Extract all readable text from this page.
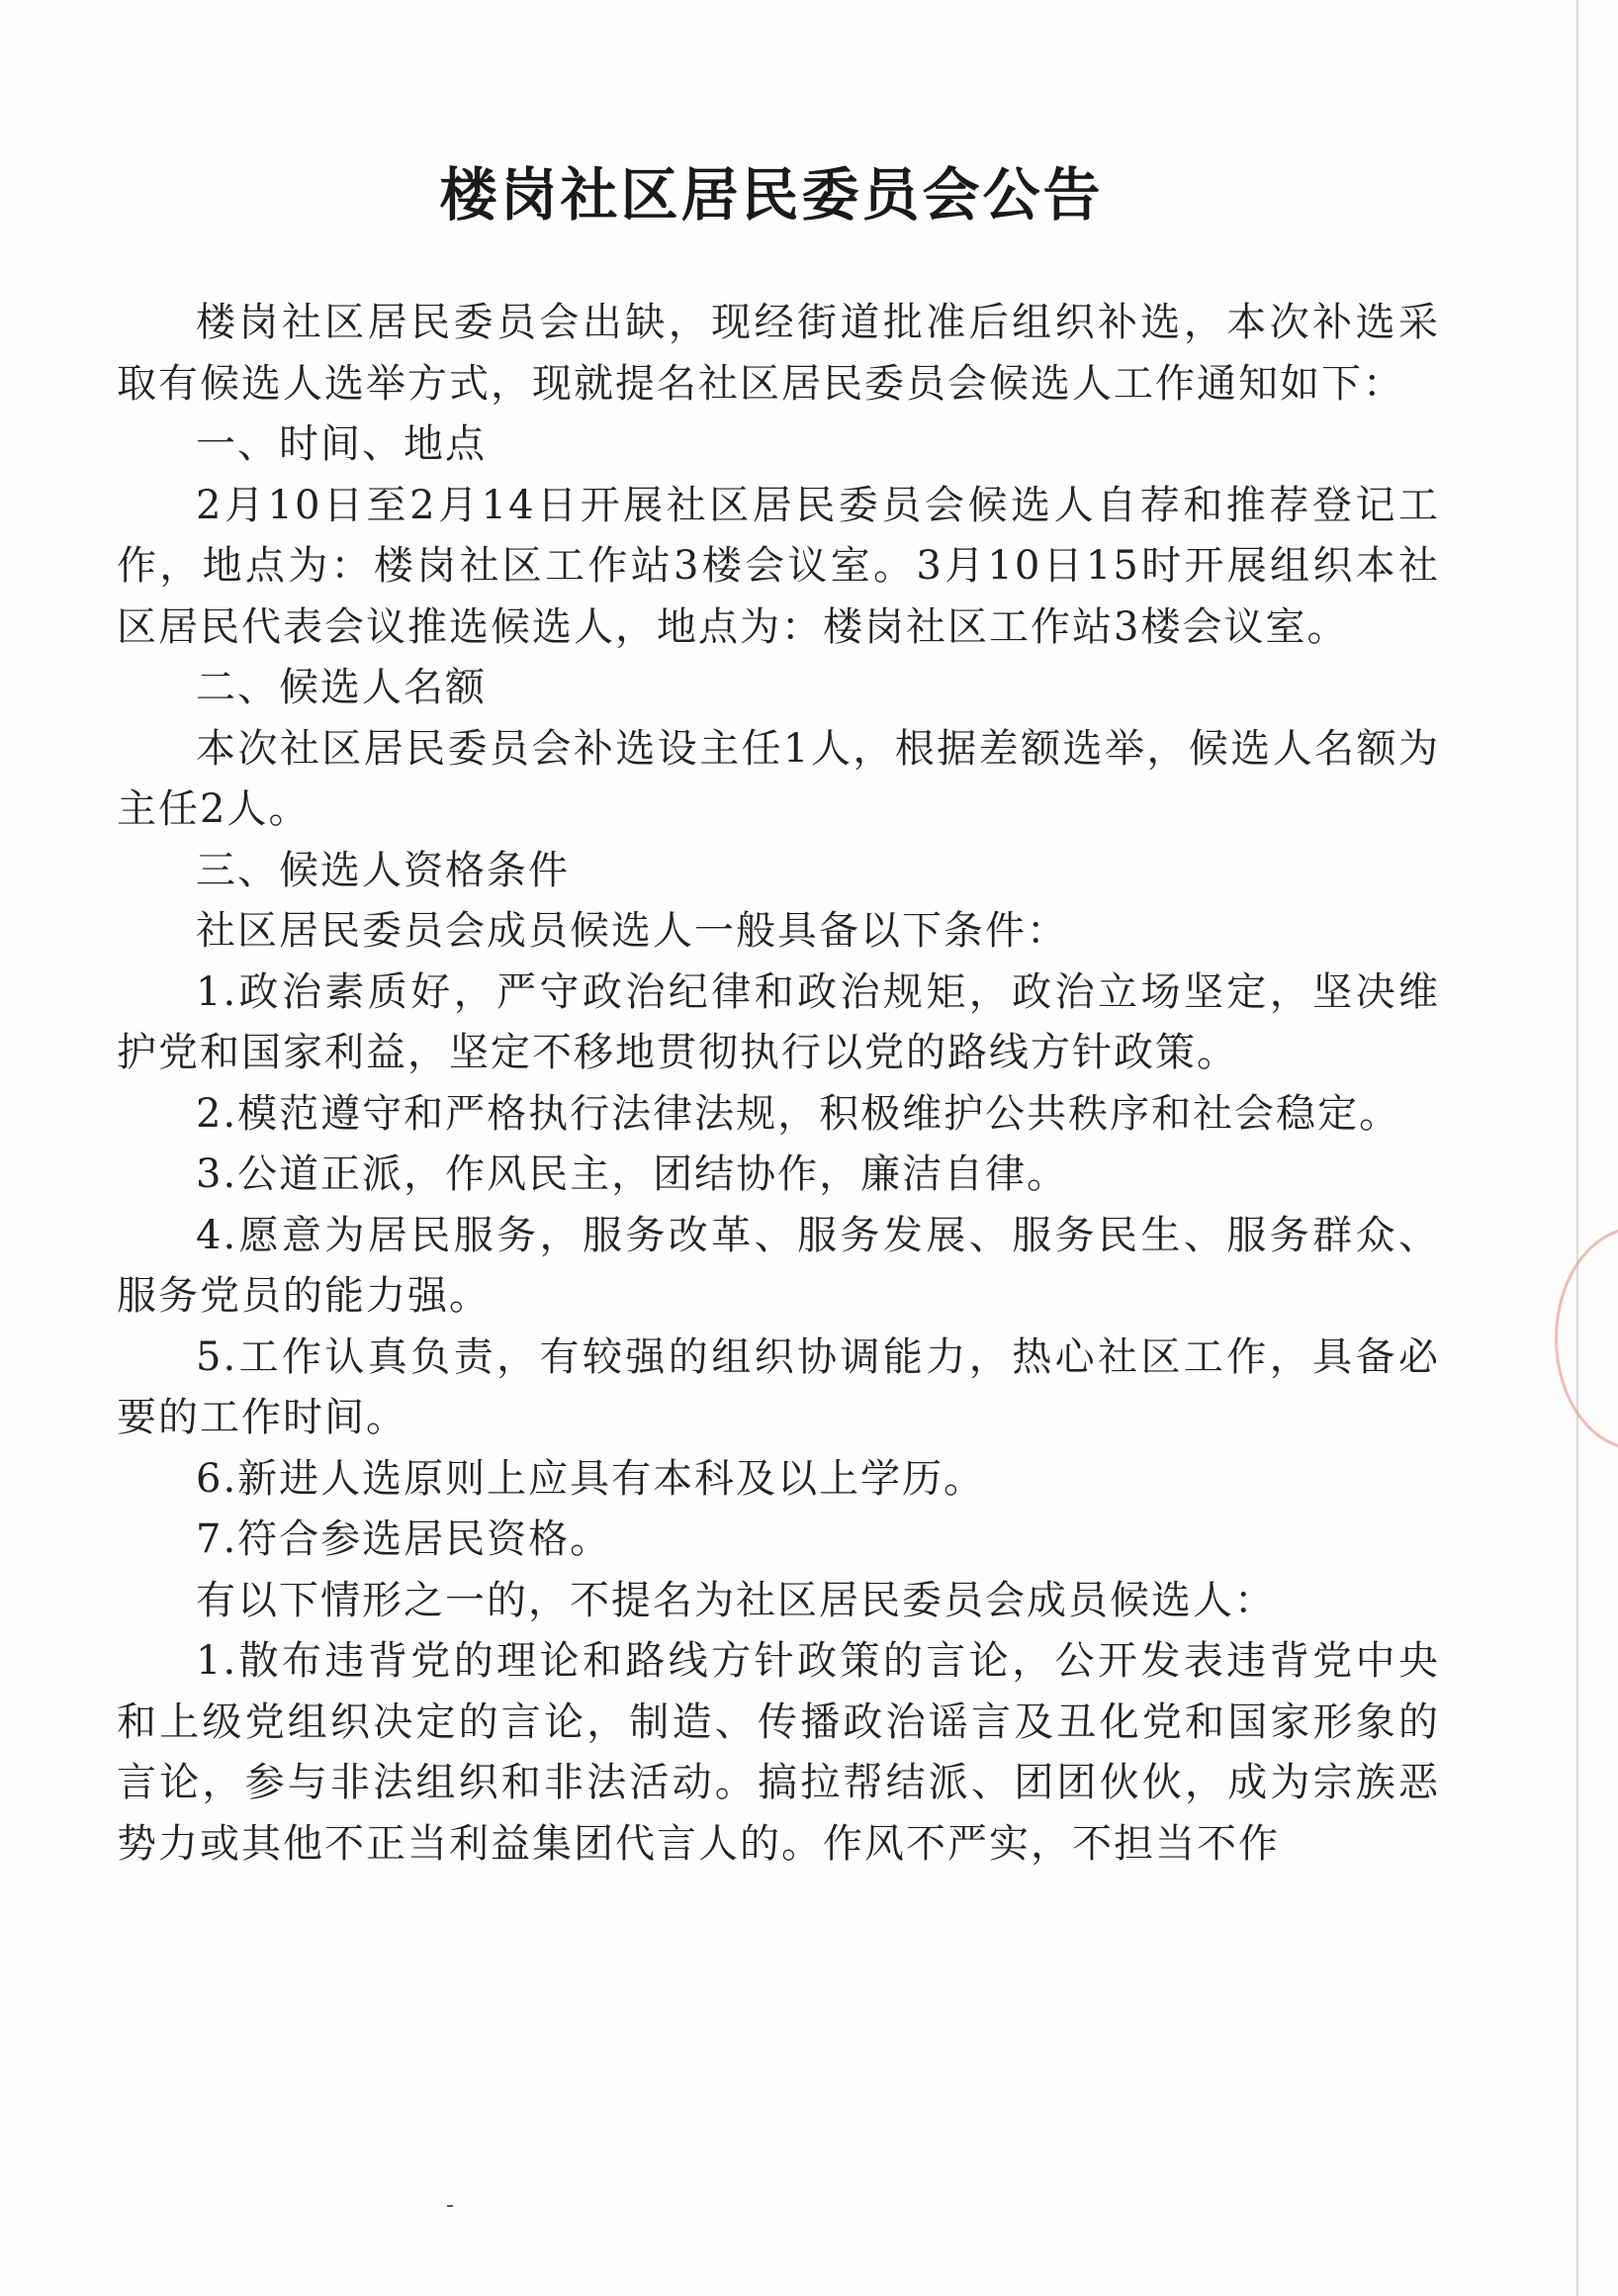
楼岗社区居民委员会公告

楼岗社区居民委员会出缺，现经街道批准后组织补选，本次补选采取有候选人选举方式，现就提名社区居民委员会候选人工作通知如下：

一、时间、地点

2月10日至2月14日开展社区居民委员会候选人自荐和推荐登记工作，地点为：楼岗社区工作站3楼会议室。3月10日15时开展组织本社区居民代表会议推选候选人，地点为：楼岗社区工作站3楼会议室。

二、候选人名额

本次社区居民委员会补选设主任1人，根据差额选举，候选人名额为主任2人。

三、候选人资格条件

社区居民委员会成员候选人一般具备以下条件：

1.政治素质好，严守政治纪律和政治规矩，政治立场坚定，坚决维护党和国家利益，坚定不移地贯彻执行以党的路线方针政策。

2.模范遵守和严格执行法律法规，积极维护公共秩序和社会稳定。

3.公道正派，作风民主，团结协作，廉洁自律。

4.愿意为居民服务，服务改革、服务发展、服务民生、服务群众、服务党员的能力强。

5.工作认真负责，有较强的组织协调能力，热心社区工作，具备必要的工作时间。

6.新进人选原则上应具有本科及以上学历。

7.符合参选居民资格。

有以下情形之一的，不提名为社区居民委员会成员候选人：

1.散布违背党的理论和路线方针政策的言论，公开发表违背党中央和上级党组织决定的言论，制造、传播政治谣言及丑化党和国家形象的言论，参与非法组织和非法活动。搞拉帮结派、团团伙伙，成为宗族恶势力或其他不正当利益集团代言人的。作风不严实，不担当不作
